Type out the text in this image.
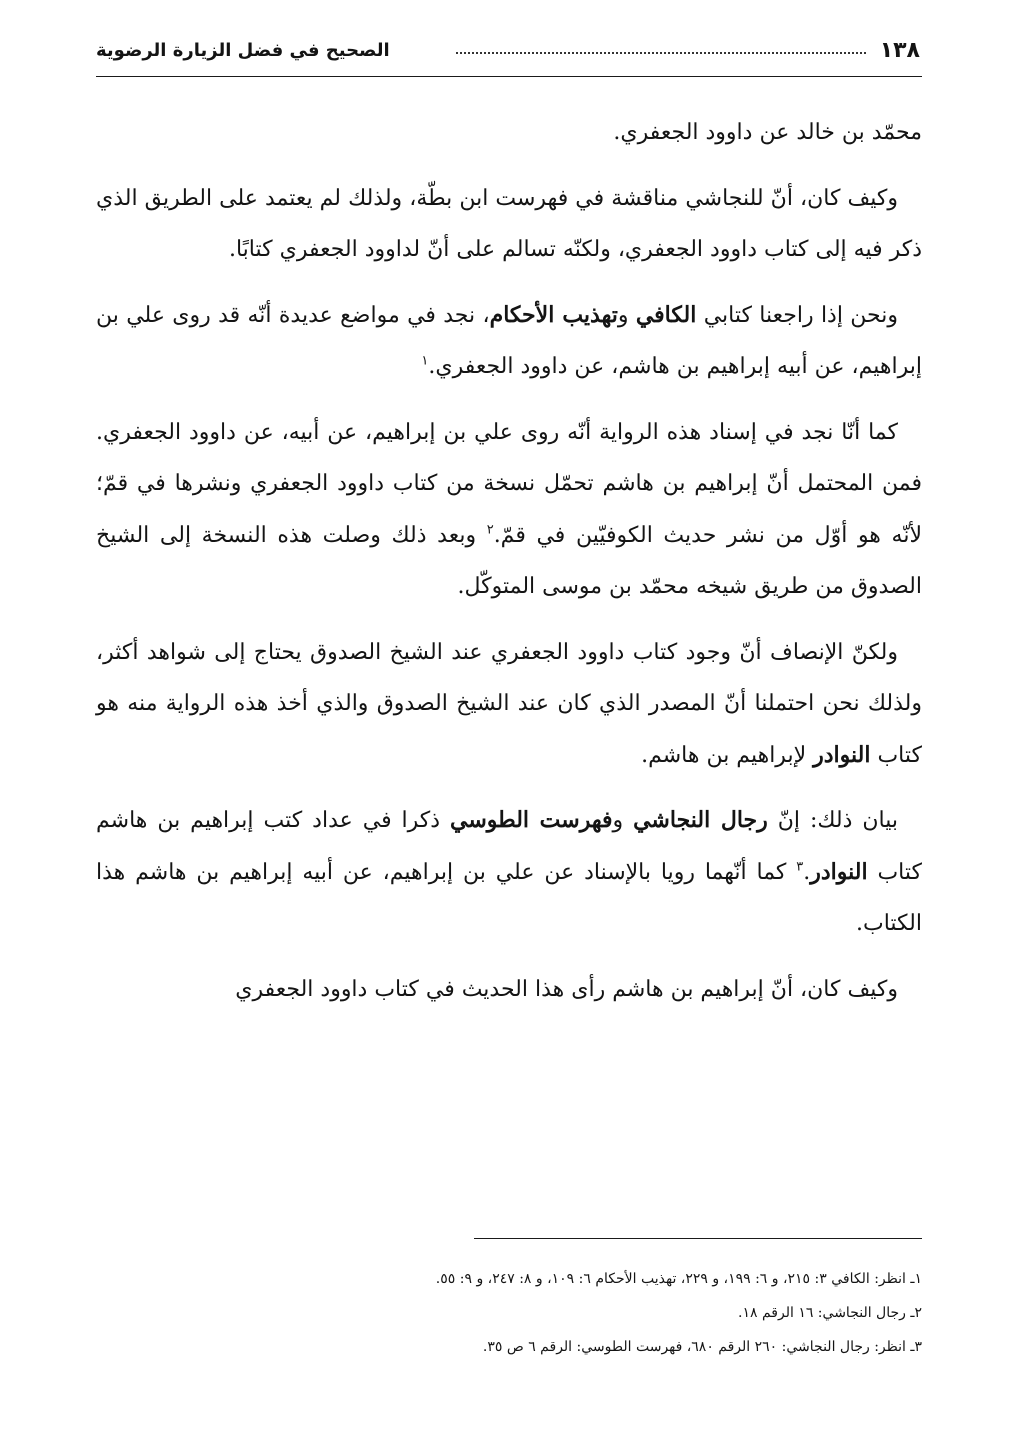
١٣٨
الصحيح في فضل الزيارة الرضوية

محمّد بن خالد عن داوود الجعفري.

وكيف كان، أنّ للنجاشي مناقشة في فهرست ابن بطّة، ولذلك لم يعتمد على الطريق الذي ذكر فيه إلى كتاب داوود الجعفري، ولكنّه تسالم على أنّ لداوود الجعفري كتابًا.

ونحن إذا راجعنا كتابي الكافي وتهذيب الأحكام، نجد في مواضع عديدة أنّه قد روى علي بن إبراهيم، عن أبيه إبراهيم بن هاشم، عن داوود الجعفري.$^١$

كما أنّا نجد في إسناد هذه الرواية أنّه روى علي بن إبراهيم، عن أبيه، عن داوود الجعفري. فمن المحتمل أنّ إبراهيم بن هاشم تحمّل نسخة من كتاب داوود الجعفري ونشرها في قمّ؛ لأنّه هو أوّل من نشر حديث الكوفيّين في قمّ.$^٢$ وبعد ذلك وصلت هذه النسخة إلى الشيخ الصدوق من طريق شيخه محمّد بن موسى المتوكّل.

ولكنّ الإنصاف أنّ وجود كتاب داوود الجعفري عند الشيخ الصدوق يحتاج إلى شواهد أكثر، ولذلك نحن احتملنا أنّ المصدر الذي كان عند الشيخ الصدوق والذي أخذ هذه الرواية منه هو كتاب النوادر لإبراهيم بن هاشم.

بيان ذلك: إنّ رجال النجاشي وفهرست الطوسي ذكرا في عداد كتب إبراهيم بن هاشم كتاب النوادر.$^٣$ كما أنّهما رويا بالإسناد عن علي بن إبراهيم، عن أبيه إبراهيم بن هاشم هذا الكتاب.

وكيف كان، أنّ إبراهيم بن هاشم رأى هذا الحديث في كتاب داوود الجعفري

١ـ انظر: الكافي ٣: ٢١٥، و ٦: ١٩٩، و ٢٢٩، تهذيب الأحكام ٦: ١٠٩، و ٨: ٢٤٧، و ٩: ٥٥.

٢ـ رجال النجاشي: ١٦ الرقم ١٨.

٣ـ انظر: رجال النجاشي: ٢٦٠ الرقم ٦٨٠، فهرست الطوسي: الرقم ٦ ص ٣٥.
